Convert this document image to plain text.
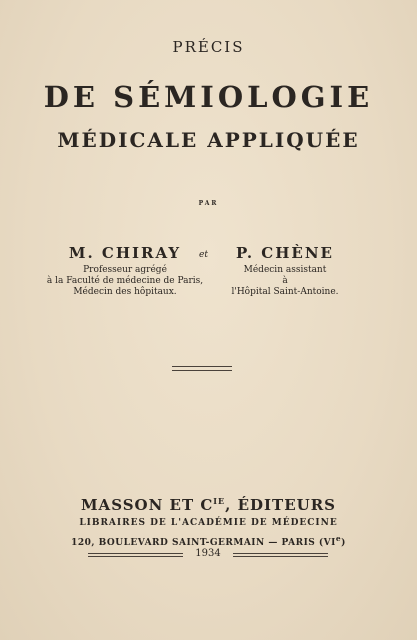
PRÉCIS
DE SÉMIOLOGIE
MÉDICALE APPLIQUÉE
PAR
M. CHIRAY
Professeur agrégé
à la Faculté de médecine de Paris,
Médecin des hôpitaux.
et	P. CHÈNE
Médecin assistant
à
l'Hôpital Saint-Antoine.
MASSON ET $C^{IE}$, ÉDITEURS
LIBRAIRES DE L'ACADÉMIE DE MÉDECINE
120, BOULEVARD SAINT-GERMAIN — PARIS (VIe)
1934
